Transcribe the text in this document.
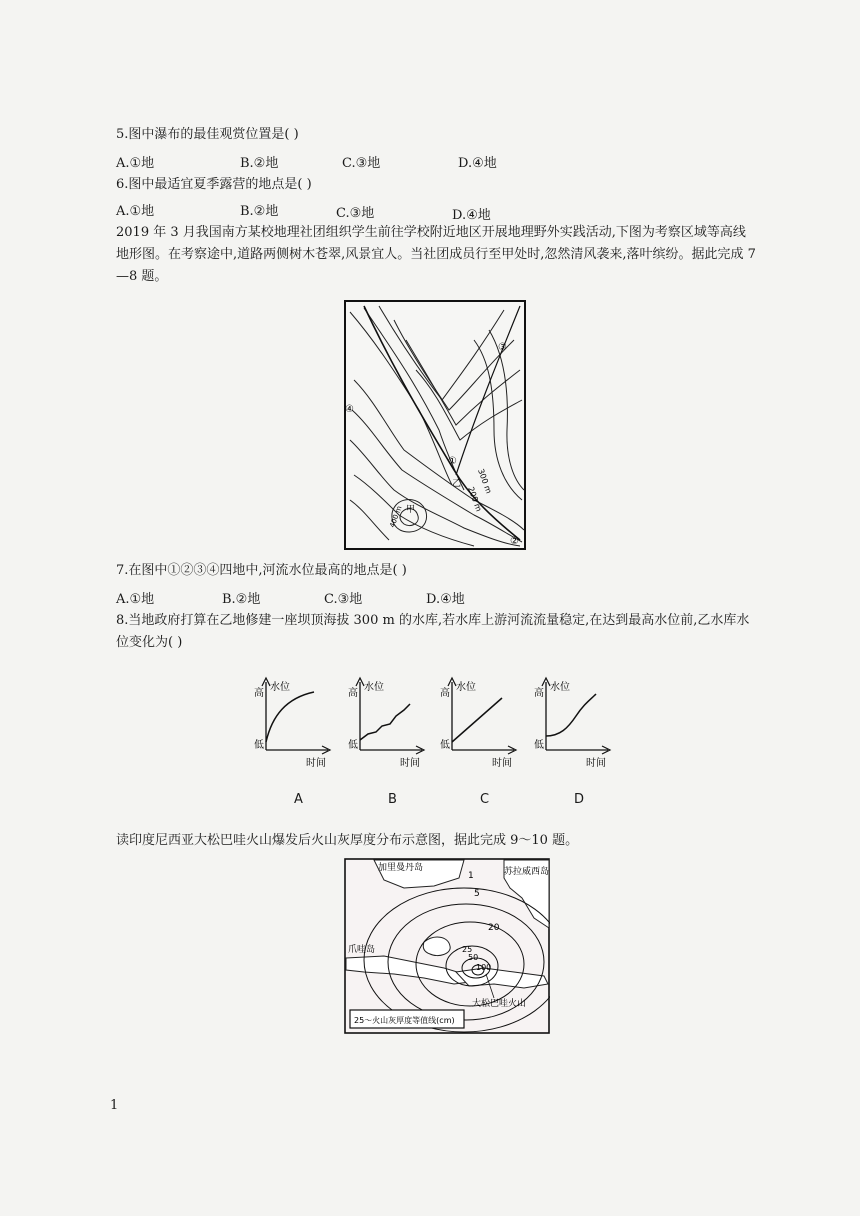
5.图中瀑布的最佳观赏位置是( )
A.①地	B.②地	C.③地	D.④地
6.图中最适宜夏季露营的地点是( )
A.①地	B.②地	C.③地	D.④地
2019 年 3 月我国南方某校地理社团组织学生前往学校附近地区开展地理野外实践活动,下图为考察区域等高线地形图。在考察途中,道路两侧树木苍翠,风景宜人。当社团成员行至甲处时,忽然清风袭来,落叶缤纷。据此完成 7—8 题。
300 m
200 m
400 m 甲
乙
①
③
④
②
7.在图中①②③④四地中,河流水位最高的地点是( )
A.①地	B.②地	C.③地	D.④地
8.当地政府打算在乙地修建一座坝顶海拔 300 m 的水库,若水库上游河流流量稳定,在达到最高水位前,乙水库水位变化为( )
高
低
水位
时间
A
高
低
水位
时间
B
高
低
水位
时间
C
高
低
水位
时间
D
读印度尼西亚大松巴哇火山爆发后火山灰厚度分布示意图，据此完成 9～10 题。
1
5
20
25
50
100
加里曼丹岛	苏拉威西岛
爪哇岛
大松巴哇火山
25～火山灰厚度等值线(cm)
1
